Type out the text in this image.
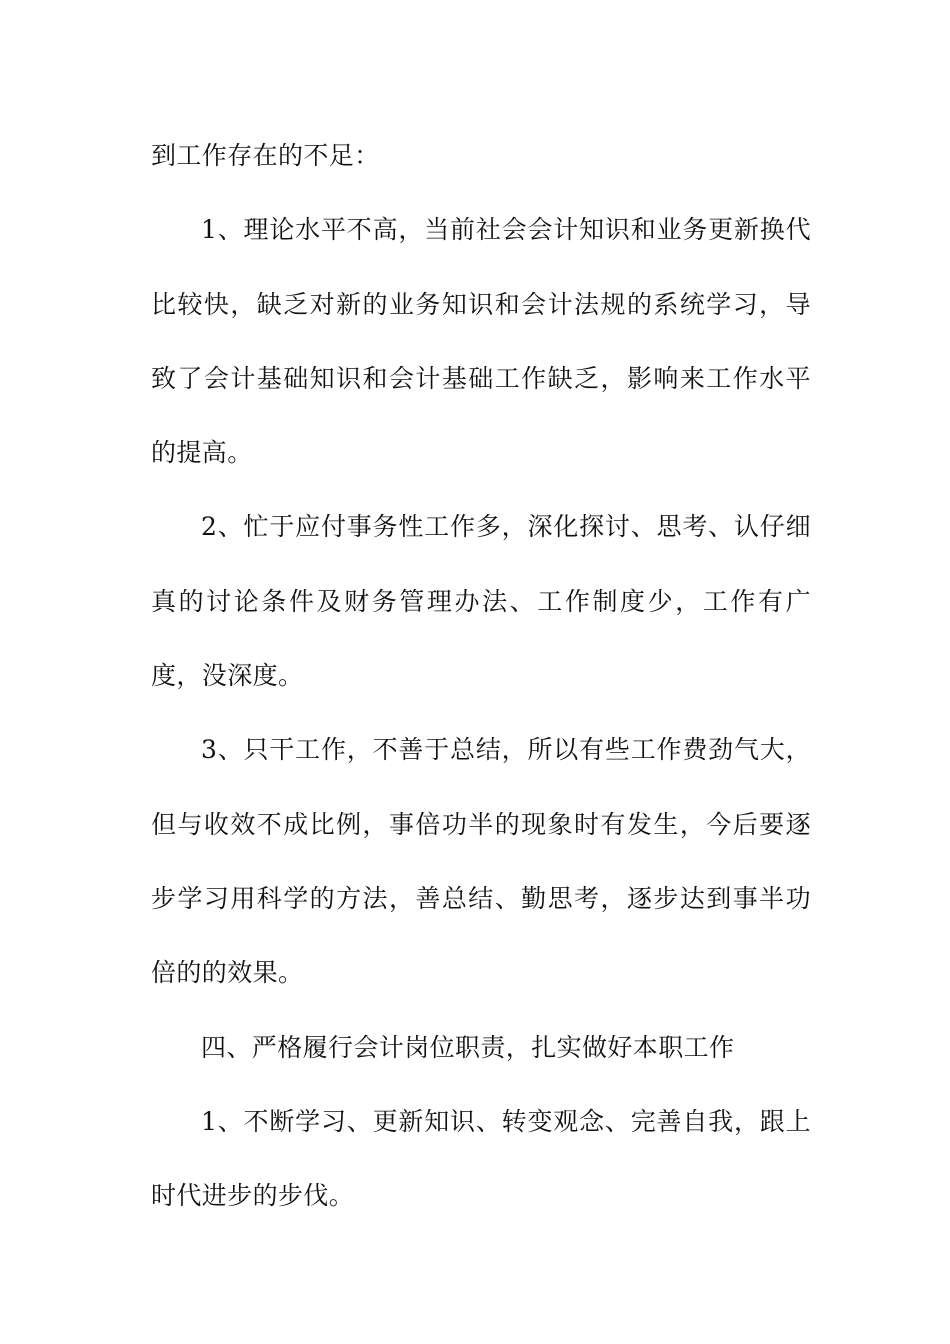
到工作存在的不足：

1、理论水平不高，当前社会会计知识和业务更新换代比较快，缺乏对新的业务知识和会计法规的系统学习，导致了会计基础知识和会计基础工作缺乏，影响来工作水平的提高。

2、忙于应付事务性工作多，深化探讨、思考、认仔细真的讨论条件及财务管理办法、工作制度少，工作有广度，没深度。

3、只干工作，不善于总结，所以有些工作费劲气大，但与收效不成比例，事倍功半的现象时有发生，今后要逐步学习用科学的方法，善总结、勤思考，逐步达到事半功倍的的效果。

四、严格履行会计岗位职责，扎实做好本职工作

1、不断学习、更新知识、转变观念、完善自我，跟上时代进步的步伐。
